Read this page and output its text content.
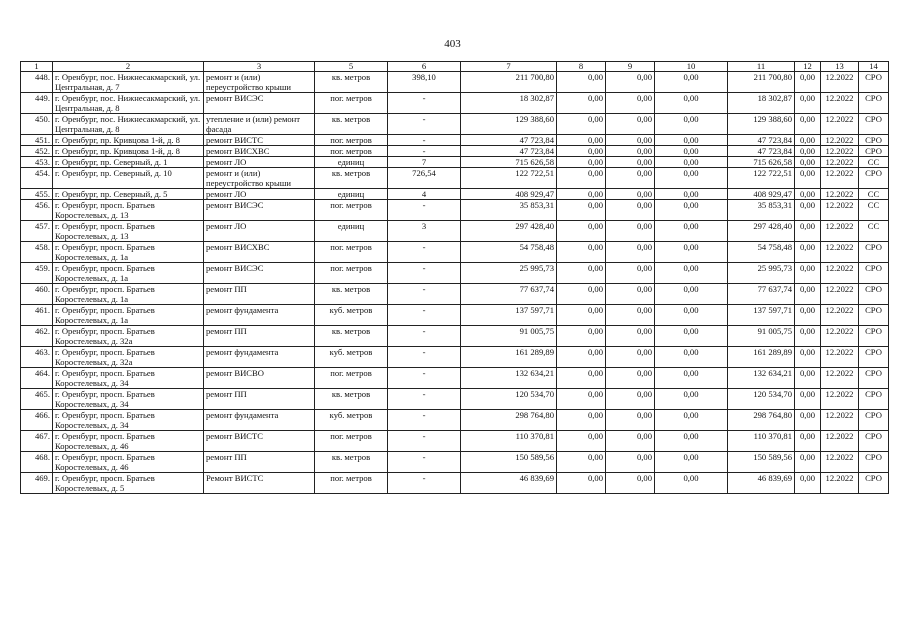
403
1	2	3	5	6	7	8	9	10	11	12	13	14
448.	г. Оренбург, пос. Нижнесакмарский, ул. Центральная, д. 7	ремонт и (или) переустройство крыши	кв. метров	398,10	211 700,80	0,00	0,00	0,00	211 700,80	0,00	12.2022	СРО
449.	г. Оренбург, пос. Нижнесакмарский, ул. Центральная, д. 8	ремонт ВИСЭС	пог. метров	-	18 302,87	0,00	0,00	0,00	18 302,87	0,00	12.2022	СРО
450.	г. Оренбург, пос. Нижнесакмарский, ул. Центральная, д. 8	утепление и (или) ремонт фасада	кв. метров	-	129 388,60	0,00	0,00	0,00	129 388,60	0,00	12.2022	СРО
451.	г. Оренбург, пр. Кривцова 1-й, д. 8	ремонт ВИСТС	пог. метров	-	47 723,84	0,00	0,00	0,00	47 723,84	0,00	12.2022	СРО
452.	г. Оренбург, пр. Кривцова 1-й, д. 8	ремонт ВИСХВС	пог. метров	-	47 723,84	0,00	0,00	0,00	47 723,84	0,00	12.2022	СРО
453.	г. Оренбург, пр. Северный, д. 1	ремонт ЛО	единиц	7	715 626,58	0,00	0,00	0,00	715 626,58	0,00	12.2022	СС
454.	г. Оренбург, пр. Северный, д. 10	ремонт и (или) переустройство крыши	кв. метров	726,54	122 722,51	0,00	0,00	0,00	122 722,51	0,00	12.2022	СРО
455.	г. Оренбург, пр. Северный, д. 5	ремонт ЛО	единиц	4	408 929,47	0,00	0,00	0,00	408 929,47	0,00	12.2022	СС
456.	г. Оренбург, просп. Братьев Коростелевых, д. 13	ремонт ВИСЭС	пог. метров	-	35 853,31	0,00	0,00	0,00	35 853,31	0,00	12.2022	СС
457.	г. Оренбург, просп. Братьев Коростелевых, д. 13	ремонт ЛО	единиц	3	297 428,40	0,00	0,00	0,00	297 428,40	0,00	12.2022	СС
458.	г. Оренбург, просп. Братьев Коростелевых, д. 1а	ремонт ВИСХВС	пог. метров	-	54 758,48	0,00	0,00	0,00	54 758,48	0,00	12.2022	СРО
459.	г. Оренбург, просп. Братьев Коростелевых, д. 1а	ремонт ВИСЭС	пог. метров	-	25 995,73	0,00	0,00	0,00	25 995,73	0,00	12.2022	СРО
460.	г. Оренбург, просп. Братьев Коростелевых, д. 1а	ремонт ПП	кв. метров	-	77 637,74	0,00	0,00	0,00	77 637,74	0,00	12.2022	СРО
461.	г. Оренбург, просп. Братьев Коростелевых, д. 1а	ремонт фундамента	куб. метров	-	137 597,71	0,00	0,00	0,00	137 597,71	0,00	12.2022	СРО
462.	г. Оренбург, просп. Братьев Коростелевых, д. 32а	ремонт ПП	кв. метров	-	91 005,75	0,00	0,00	0,00	91 005,75	0,00	12.2022	СРО
463.	г. Оренбург, просп. Братьев Коростелевых, д. 32а	ремонт фундамента	куб. метров	-	161 289,89	0,00	0,00	0,00	161 289,89	0,00	12.2022	СРО
464.	г. Оренбург, просп. Братьев Коростелевых, д. 34	ремонт ВИСВО	пог. метров	-	132 634,21	0,00	0,00	0,00	132 634,21	0,00	12.2022	СРО
465.	г. Оренбург, просп. Братьев Коростелевых, д. 34	ремонт ПП	кв. метров	-	120 534,70	0,00	0,00	0,00	120 534,70	0,00	12.2022	СРО
466.	г. Оренбург, просп. Братьев Коростелевых, д. 34	ремонт фундамента	куб. метров	-	298 764,80	0,00	0,00	0,00	298 764,80	0,00	12.2022	СРО
467.	г. Оренбург, просп. Братьев Коростелевых, д. 46	ремонт ВИСТС	пог. метров	-	110 370,81	0,00	0,00	0,00	110 370,81	0,00	12.2022	СРО
468.	г. Оренбург, просп. Братьев Коростелевых, д. 46	ремонт ПП	кв. метров	-	150 589,56	0,00	0,00	0,00	150 589,56	0,00	12.2022	СРО
469.	г. Оренбург, просп. Братьев Коростелевых, д. 5	Ремонт ВИСТС	пог. метров	-	46 839,69	0,00	0,00	0,00	46 839,69	0,00	12.2022	СРО
